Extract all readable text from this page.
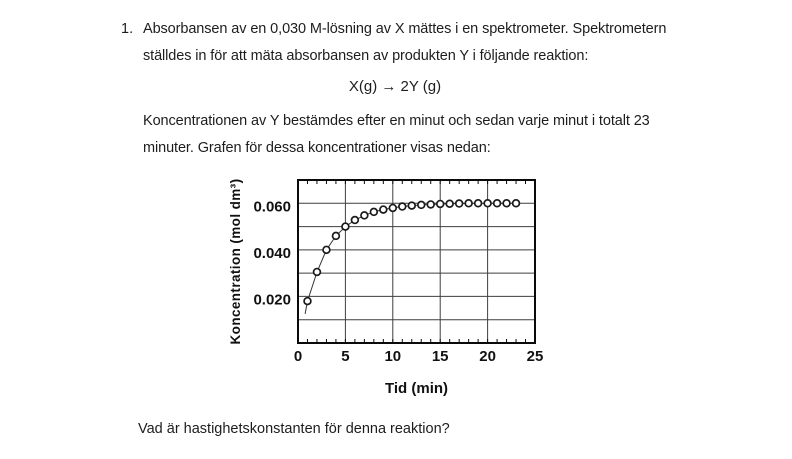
1. Absorbansen av en 0,030 M-lösning av X mättes i en spektrometer. Spektrometern
ställdes in för att mäta absorbansen av produkten Y i följande reaktion:
X(g) → 2Y (g)
Koncentrationen av Y bestämdes efter en minut och sedan varje minut i totalt 23
minuter. Grafen för dessa koncentrationer visas nedan:
0.020
0.040
0.060
0	5 10 15 20 25
Tid (min)
Koncentration (mol dm³)
Vad är hastighetskonstanten för denna reaktion?
